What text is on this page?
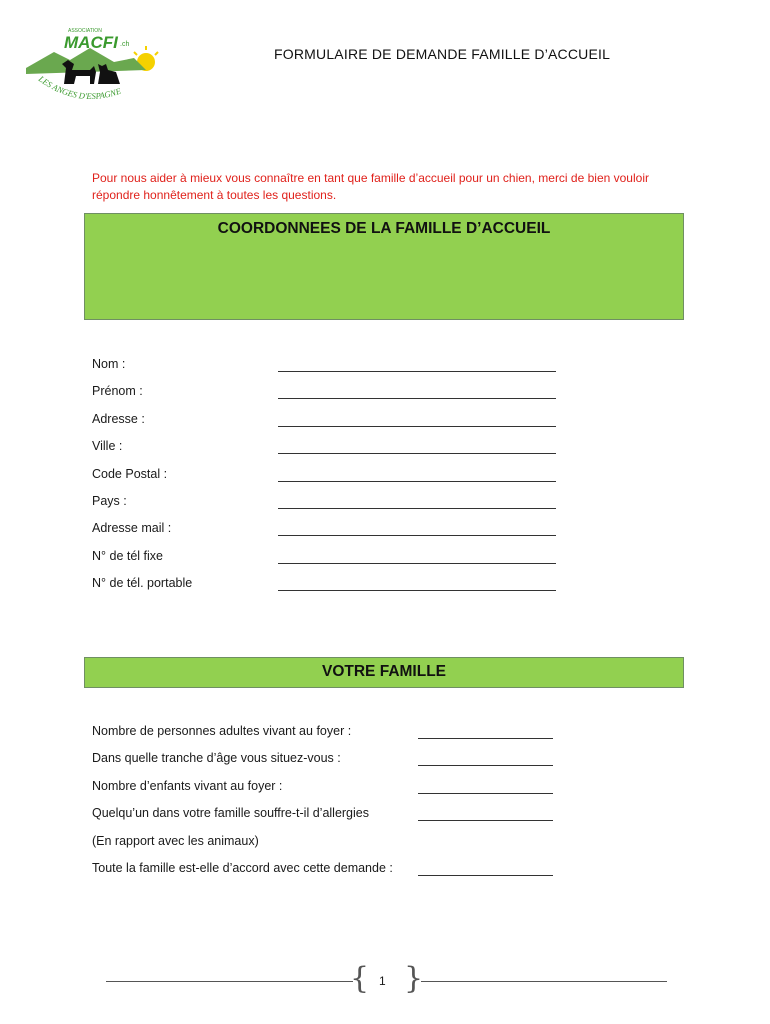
ASSOCIATION
MACFI .ch
LES ANGES D'ESPAGNE
FORMULAIRE DE DEMANDE FAMILLE D’ACCUEIL
Pour nous aider à mieux vous connaître en tant que famille d’accueil pour un chien, merci de bien vouloir répondre honnêtement à toutes les questions.
COORDONNEES DE LA FAMILLE D’ACCUEIL
Nom :
Prénom :
Adresse :
Ville :
Code Postal :
Pays :
Adresse mail :
N° de tél fixe
N° de tél. portable
VOTRE FAMILLE
Nombre de personnes adultes vivant au foyer :
Dans quelle tranche d’âge vous situez-vous :
Nombre d’enfants vivant au foyer :
Quelqu’un dans votre famille souffre-t-il d’allergies
(En rapport avec les animaux)
Toute la famille est-elle d’accord avec cette demande :
{ }
1
